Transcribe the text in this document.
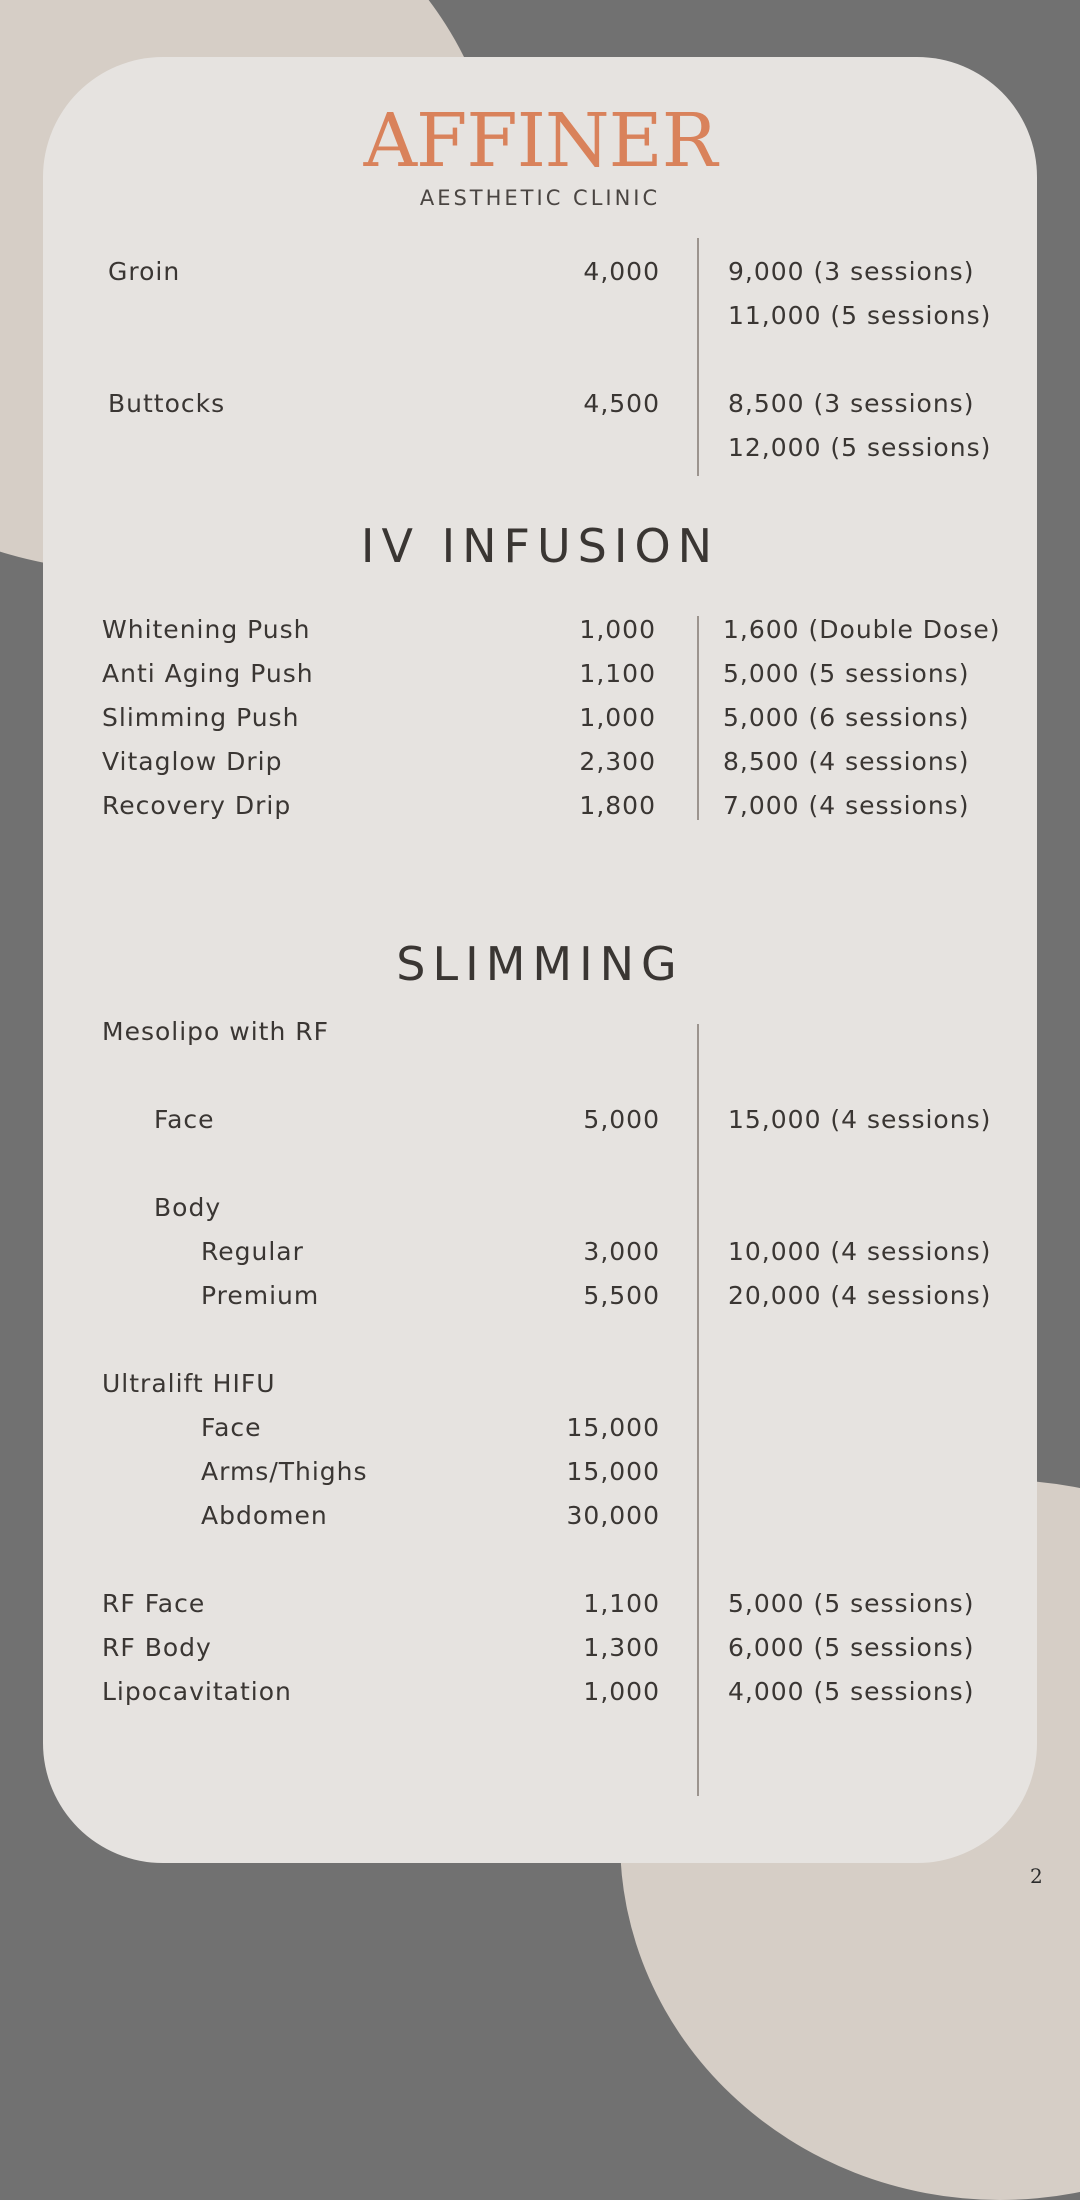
AFFINER
AESTHETIC CLINIC
Groin	4,000	9,000 (3 sessions)
11,000 (5 sessions)
Buttocks	4,500	8,500 (3 sessions)
12,000 (5 sessions)
IV INFUSION
Whitening Push	1,000	1,600 (Double Dose)
Anti Aging Push	1,100	5,000 (5 sessions)
Slimming Push	1,000	5,000 (6 sessions)
Vitaglow Drip	2,300	8,500 (4 sessions)
Recovery Drip	1,800	7,000 (4 sessions)
SLIMMING
Mesolipo with RF
Face	5,000	15,000 (4 sessions)
Body
Regular	3,000	10,000 (4 sessions)
Premium	5,500	20,000 (4 sessions)
Ultralift HIFU
Face	15,000
Arms/Thighs	15,000
Abdomen	30,000
RF Face	1,100	5,000 (5 sessions)
RF Body	1,300	6,000 (5 sessions)
Lipocavitation	1,000	4,000 (5 sessions)
2
